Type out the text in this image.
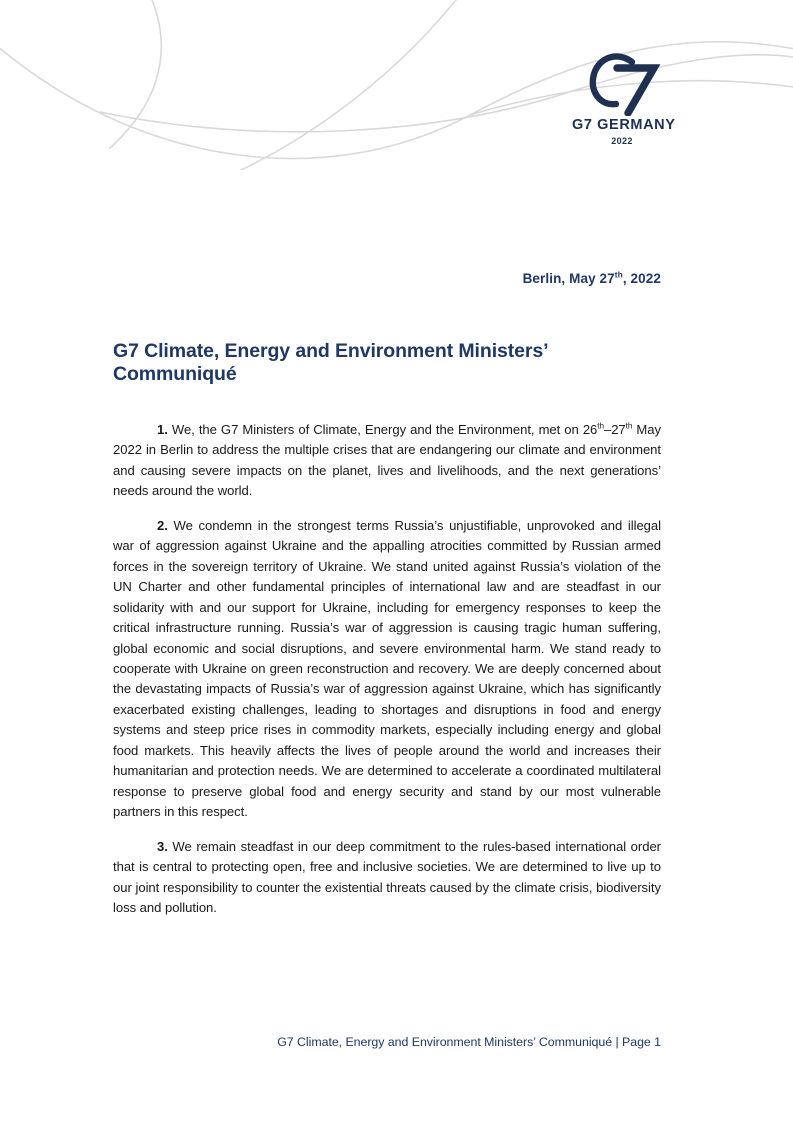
G7 GERMANY
2022
Berlin, May 27th, 2022
G7 Climate, Energy and Environment Ministers’ Communiqué

1. We, the G7 Ministers of Climate, Energy and the Environment, met on 26th–27th May 2022 in Berlin to address the multiple crises that are endangering our climate and environment and causing severe impacts on the planet, lives and livelihoods, and the next generations’ needs around the world.

2. We condemn in the strongest terms Russia’s unjustifiable, unprovoked and illegal war of aggression against Ukraine and the appalling atrocities committed by Russian armed forces in the sovereign territory of Ukraine. We stand united against Russia’s violation of the UN Charter and other fundamental principles of international law and are steadfast in our solidarity with and our support for Ukraine, including for emergency responses to keep the critical infrastructure running. Russia’s war of aggression is causing tragic human suffering, global economic and social disruptions, and severe environmental harm. We stand ready to cooperate with Ukraine on green reconstruction and recovery. We are deeply concerned about the devastating impacts of Russia’s war of aggression against Ukraine, which has significantly exacerbated existing challenges, leading to shortages and disruptions in food and energy systems and steep price rises in commodity markets, especially including energy and global food markets. This heavily affects the lives of people around the world and increases their humanitarian and protection needs. We are determined to accelerate a coordinated multilateral response to preserve global food and energy security and stand by our most vulnerable partners in this respect.

3. We remain steadfast in our deep commitment to the rules-based international order that is central to protecting open, free and inclusive societies. We are determined to live up to our joint responsibility to counter the existential threats caused by the climate crisis, biodiversity loss and pollution.

G7 Climate, Energy and Environment Ministers’ Communiqué | Page 1
